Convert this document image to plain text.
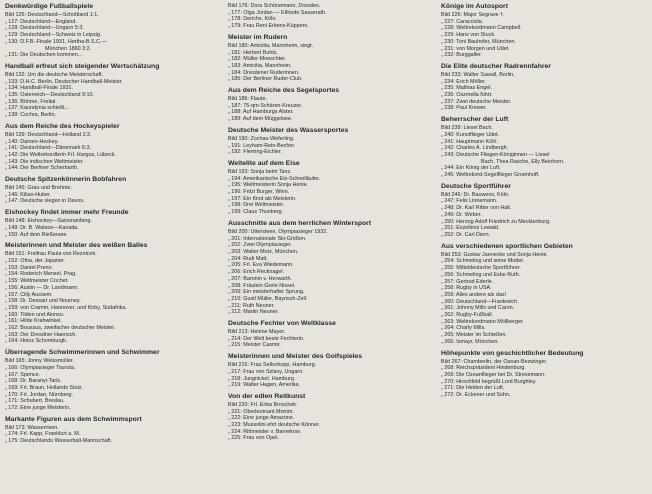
Denkwürdige Fußballspiele
Bild 126: Deutschland—Schottland 1:1.
„ 127: Deutschland—England.
„ 128: Deutschland—Ungarn 5:3.
„ 129: Deutschland—Schweiz in Leipzig.
„ 130: D.F.B.-Finale 1931, Hertha-B.S.C.—
München 1860 3:2.
„ 131: Die Deutschen kommen...
Handball erfreut sich steigender Wertschätzung
Bild 132: Um die deutsche Meisterschaft.
„ 133: D.H.C. Berlin, Deutscher Handball-Meister.
„ 134: Handball-Finale 1931.
„ 135: Österreich—Deutschland 9:10.
„ 136: Böhme, Freital.
„ 137: Kaundynia schießt...
„ 138: Cochra, Berlin.
Aus dem Reiche des Hockeyspieler
Bild 139: Deutschland—Holland 2:2.
„ 140: Damen-Hockey.
„ 141: Deutschland—Dänemark 6:3.
„ 142: Die Weltrekordlerin Frl. Hargus, Lübeck.
„ 143: Die indischen Weltmeister.
„ 144: Der Berliner Scherbarth.
Deutsche Spitzenkönnerin Bobfahren
Bild 145: Grau und Brehme.
„ 146: Kilian-Huber.
„ 147: Deutsche siegen in Davos.
Eishockey findet immer mehr Freunde
Bild 148: Eishockey—Saisonanfang.
„ 149: Dr. B. Watson—Kanada.
„ 150: Auf dem Rießersee.
Meisterinnen und Meister des weißen Balles
Bild 151: Freifrau Paula von Reznicek.
„ 152: Otha, der Japaner.
„ 153: Daniel Prenn.
„ 154: Roderich Menzel, Prag.
„ 155: Weltmeister Cochet.
„ 156: Austin — Dr. Landmann.
„ 157: Cilly Aussem.
„ 158: Dr. Dessart und Nourney.
„ 159: von Cramm, Hannover, und Kirby, Südafrika.
„ 160: Tilden und Alonso.
„ 161: Hilde Krahwinkel.
„ 162: Boussus, zweifacher deutscher Meister.
„ 163: Der Dresdner Haensch.
„ 164: Heinz Schomburgk.
Überragende Schwimmerinnen und Schwimmer
Bild 165: Jonny Weissmüller.
„ 166: Olympiasieger Tsuruta.
„ 167: Spence.
„ 168: Dr. Baranyi-Tarls.
„ 169: Frl. Braun, Hollands Stolz.
„ 170: Frl. Jordan, Nürnberg.
„ 171: Schubert, Breslau.
„ 172: Eine junge Meisterin.
Markante Figuren aus dem Schwimmsport
Bild 173: Wasserrisen.
„ 174: Frl. Kapp, Frankfurt a. M.
„ 175: Deutschlands Wasserball-Mannschaft.
Bild 176: Dora Schönemann, Dresden.
„ 177: Olga Jordan — Elfriede Sasserath.
„ 178: Derichs, Köln.
„ 179: Frau Reni Erkens-Küppers.
Meister im Rudern
Bild 180: Amicitia, Mannheim, siegt.
„ 181: Herbert Buhtz.
„ 182: Müller-Moeschter.
„ 183: Amicitia, Mannheim.
„ 184: Dresdener Ruderinnen.
„ 185: Der Berliner Ruder-Club.
Aus dem Reiche des Segelsportes
Bild 186: Flaute.
„ 187: 75-qm-Schären-Kreuzer.
„ 188: Auf Hamburgs Alster.
„ 189: Auf dem Müggelsee.
Deutsche Meister des Wassersportes
Bild 190: Zochau-Weferling.
„ 191: Leyham-Rein-Becher.
„ 192: Fleming-Eichler.
Weltelite auf dem Eise
Bild 193: Sonja beim Tanz.
„ 194: Amerikanische Eis-Schnelläufer.
„ 195: Weltmeisterin Sonja Henie.
„ 196: Fritzi Burger, Wien.
„ 197: Ein Kind als Meisterin.
„ 198: Drei Weltmeister.
„ 199: Claus Thunberg.
Ausschnitte aus dem herrlichen Wintersport
Bild 200: Uttersteen, Olympiasieger 1932.
„ 201: Internationale Ski-Größen.
„ 202: Zwei Olympiasieger.
„ 203: Walter Motz, München.
„ 204: Rudi Matt.
„ 205: Frl. Eva Wiedemann.
„ 206: Erich Recknagel.
„ 207: Baronin v. Herwarth.
„ 208: Fräulein Grete Nissel.
„ 209: Ein meisterhafter Sprung.
„ 210: Gustl Müller, Bayrisch-Zell.
„ 211: Ruth Neuner.
„ 212: Martin Neuner.
Deutsche Fechter von Weltklasse
Bild 213: Helene Mayer.
„ 214: Der Welt beste Fechterin.
„ 215: Meister Casmir.
Meisterinnen und Meister des Golfspieles
Bild 216: Frau Sellschopp, Hamburg.
„ 217: Frau von Szlavy, Ungarn.
„ 218: Jungnickel, Hamburg.
„ 219: Walter Hagen, Amerika.
Von der edlen Reitkunst
Bild 220: Frl. Erika Broschek.
„ 221: Oberleutnant Momm.
„ 222: Eine junge Amazone.
„ 223: Mussolini ehrt deutsche Könner.
„ 224: Rittmeister v. Barnekow.
„ 225: Frau von Opel.
Könige im Autosport
Bild 226: Major Segrave †.
„ 227: Caracciola.
„ 228: Weltrekordmann Campbell.
„ 229: Hans von Stuck.
„ 230: Toni Bauhofer, München.
„ 231: von Morgen und Üdet.
„ 232: Burggaller.
Die Elite deutscher Radrennfahrer
Bild 233: Walter Sawall, Berlin.
„ 234: Erich Möller.
„ 235: Mathias Engel.
„ 236: Oszmella führt.
„ 237: Zwei deutsche Meister.
„ 238: Paul Krewer.
Beherrscher der Luft
Bild 239: Liesel Bach.
„ 240: Kunstflieger Udet.
„ 241: Hauptmann Köhl.
„ 242: Charles A. Lindbergh.
„ 243: Deutsche Fliegen-Königinnen — Liesel
Bach, Thea Rasche, Elly Beinhorn.
„ 244: Ein König der Luft.
„ 245: Weltrekord-Segelflieger Groenhoff.
Deutsche Sportführer
Bild 246: Dr. Bauwens, Köln.
„ 247: Felix Linnemann.
„ 248: Dr. Karl Ritter von Halt.
„ 249: Dr. Weber.
„ 250: Herzog Adolf Friedrich zu Mecklenburg.
„ 251: Exzellenz Lewald.
„ 252: Dr. Carl Diem.
Aus verschiedenen sportlichen Gebieten
Bild 253: Gustav Jaenecke und Sonja Henie.
„ 254: Schmeling und seine Mutter.
„ 255: Mitteldeutsche Sportführer.
„ 256: Schmeling und Esbe Ruth.
„ 257: Gertrud Ederle.
„ 258: Rugby in USA.
„ 259: Alles andere als das!
„ 260: Deutschland—Frankreich.
„ 261: Johnny Mills und Caron.
„ 262: Rugby-Fußball.
„ 263: Weltrekordmann Möllberger.
„ 264: Charly Mills.
„ 265: Meister im Schießen.
„ 266: Ismayr, München.
Höhepunkte von geschichtlicher Bedeutung
Bild 267: Chamberlin, der Ozean-Bezwinger.
„ 268: Reichspräsident Hindenburg.
„ 269: Die Ozeanflieger bei Dr. Stresemann.
„ 270: Hirschfeld begrüßt Lord Burghley.
„ 271: Die Helden der Luft.
„ 272: Dr. Eckener und Sohn.
